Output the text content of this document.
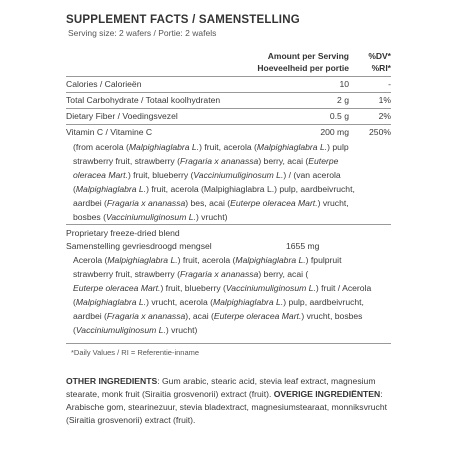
SUPPLEMENT FACTS / SAMENSTELLING
Serving size: 2 wafers / Portie: 2 wafels
Amount per Serving	%DV*
Hoeveelheid per portie	%RI*
Calories / Calorieën	10	-
Total Carbohydrate / Totaal koolhydraten	2 g	1%
Dietary Fiber / Voedingsvezel	0.5 g	2%
Vitamin C / Vitamine C	200 mg	250%
(from acerola (Malpighiaglabra L.) fruit, acerola (Malpighiaglabra L.) pulp
strawberry fruit, strawberry (Fragaria x ananassa) berry, acai (Euterpe
oleracea Mart.) fruit, blueberry (Vacciniumuliginosum L.) / (van acerola
(Malpighiaglabra L.) fruit, acerola (Malpighiaglabra L.) pulp, aardbeivrucht,
aardbei (Fragaria x ananassa) bes, acai (Euterpe oleracea Mart.) vrucht,
bosbes (Vacciniumuliginosum L.) vrucht)
Proprietary freeze-dried blend
Samenstelling gevriesdroogd mengsel	1655 mg
Acerola (Malpighiaglabra L.) fruit, acerola (Malpighiaglabra L.) fpulpruit
strawberry fruit, strawberry (Fragaria x ananassa) berry, acai (
Euterpe oleracea Mart.) fruit, blueberry (Vacciniumuliginosum L.) fruit / Acerola
(Malpighiaglabra L.) vrucht, acerola (Malpighiaglabra L.) pulp, aardbeivrucht,
aardbei (Fragaria x ananassa), acai (Euterpe oleracea Mart.) vrucht, bosbes
(Vacciniumuliginosum L.) vrucht)
*Daily Values / RI = Referentie-inname
OTHER INGREDIENTS: Gum arabic, stearic acid, stevia leaf extract, magnesium stearate, monk fruit (Siraitia grosvenorii) extract (fruit). OVERIGE INGREDIËNTEN: Arabische gom, stearinezuur, stevia bladextract, magnesiumstearaat, monniksvrucht (Siraitia grosvenorii) extract (fruit).
